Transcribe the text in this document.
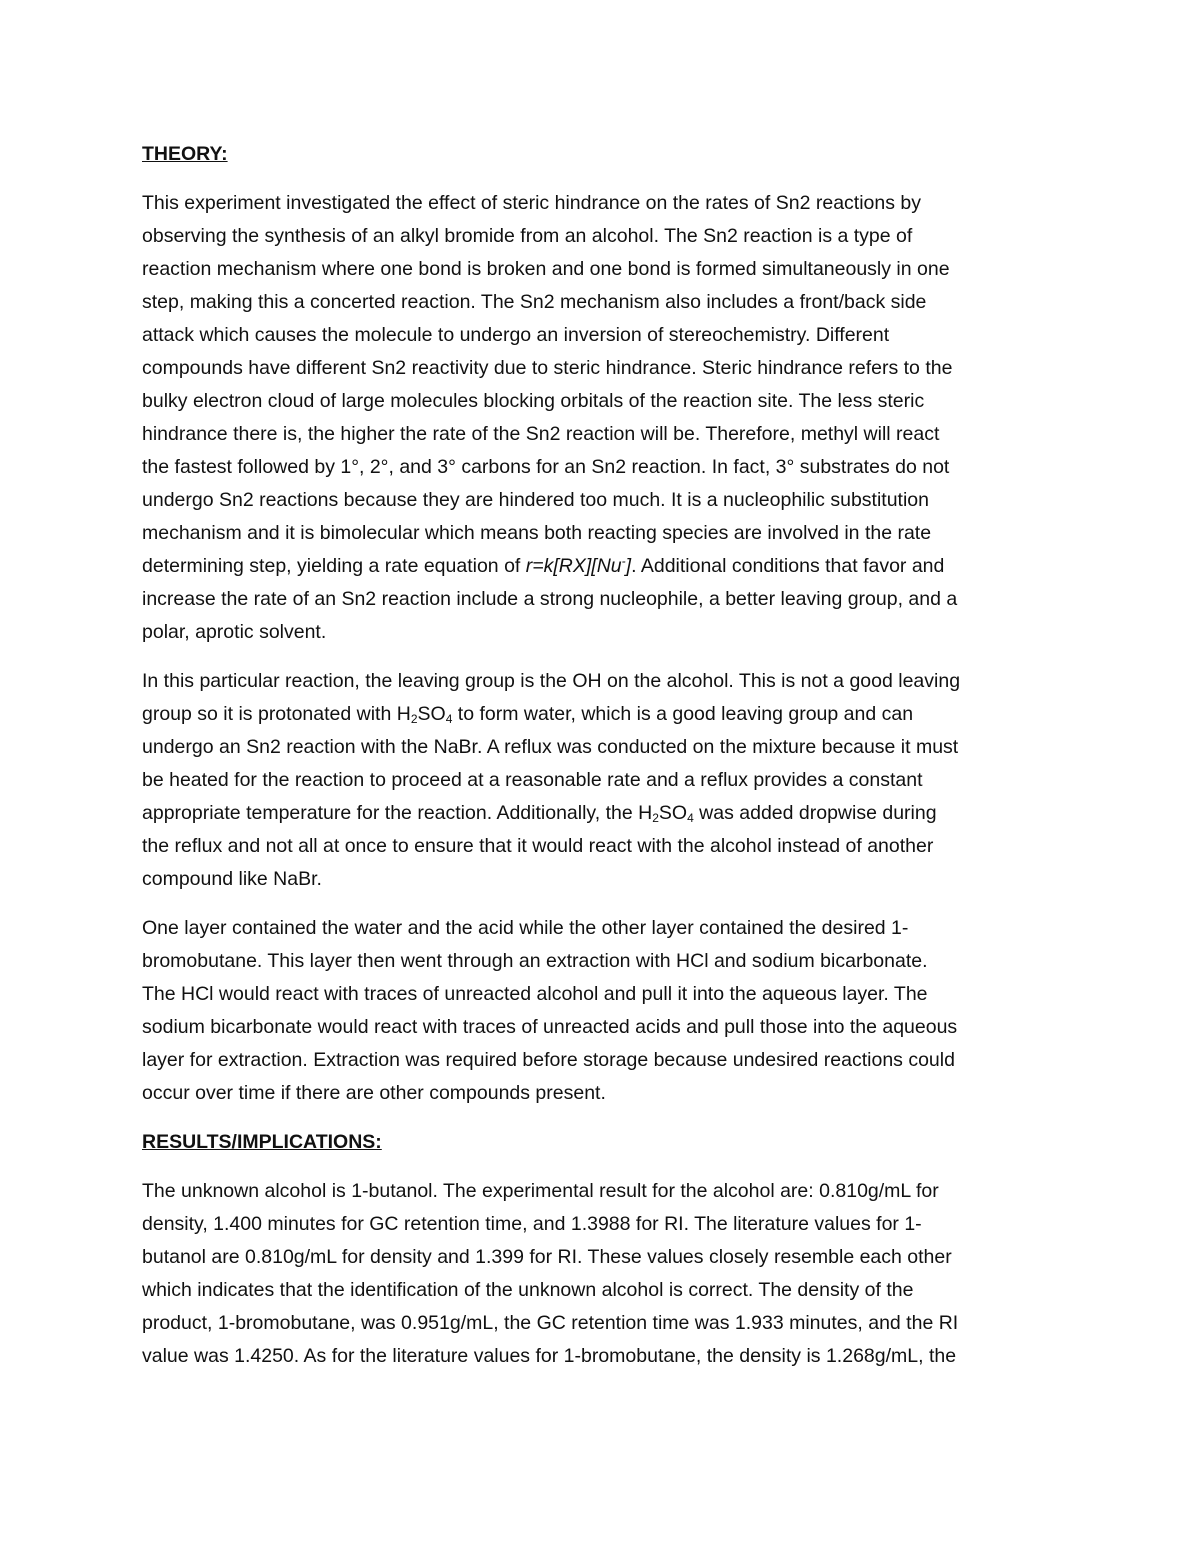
THEORY:
This experiment investigated the effect of steric hindrance on the rates of Sn2 reactions by
observing the synthesis of an alkyl bromide from an alcohol. The Sn2 reaction is a type of
reaction mechanism where one bond is broken and one bond is formed simultaneously in one
step, making this a concerted reaction. The Sn2 mechanism also includes a front/back side
attack which causes the molecule to undergo an inversion of stereochemistry. Different
compounds have different Sn2 reactivity due to steric hindrance. Steric hindrance refers to the
bulky electron cloud of large molecules blocking orbitals of the reaction site. The less steric
hindrance there is, the higher the rate of the Sn2 reaction will be. Therefore, methyl will react
the fastest followed by 1°, 2°, and 3° carbons for an Sn2 reaction. In fact, 3° substrates do not
undergo Sn2 reactions because they are hindered too much. It is a nucleophilic substitution
mechanism and it is bimolecular which means both reacting species are involved in the rate
determining step, yielding a rate equation of r=k[RX][Nu-]. Additional conditions that favor and
increase the rate of an Sn2 reaction include a strong nucleophile, a better leaving group, and a
polar, aprotic solvent.
In this particular reaction, the leaving group is the OH on the alcohol. This is not a good leaving
group so it is protonated with $H_2SO_4$ to form water, which is a good leaving group and can
undergo an Sn2 reaction with the NaBr. A reflux was conducted on the mixture because it must
be heated for the reaction to proceed at a reasonable rate and a reflux provides a constant
appropriate temperature for the reaction. Additionally, the $H_2SO_4$ was added dropwise during
the reflux and not all at once to ensure that it would react with the alcohol instead of another
compound like NaBr.
One layer contained the water and the acid while the other layer contained the desired 1-
bromobutane. This layer then went through an extraction with HCl and sodium bicarbonate.
The HCl would react with traces of unreacted alcohol and pull it into the aqueous layer. The
sodium bicarbonate would react with traces of unreacted acids and pull those into the aqueous
layer for extraction. Extraction was required before storage because undesired reactions could
occur over time if there are other compounds present.
RESULTS/IMPLICATIONS:
The unknown alcohol is 1-butanol. The experimental result for the alcohol are: 0.810g/mL for
density, 1.400 minutes for GC retention time, and 1.3988 for RI. The literature values for 1-
butanol are 0.810g/mL for density and 1.399 for RI. These values closely resemble each other
which indicates that the identification of the unknown alcohol is correct. The density of the
product, 1-bromobutane, was 0.951g/mL, the GC retention time was 1.933 minutes, and the RI
value was 1.4250. As for the literature values for 1-bromobutane, the density is 1.268g/mL, the
